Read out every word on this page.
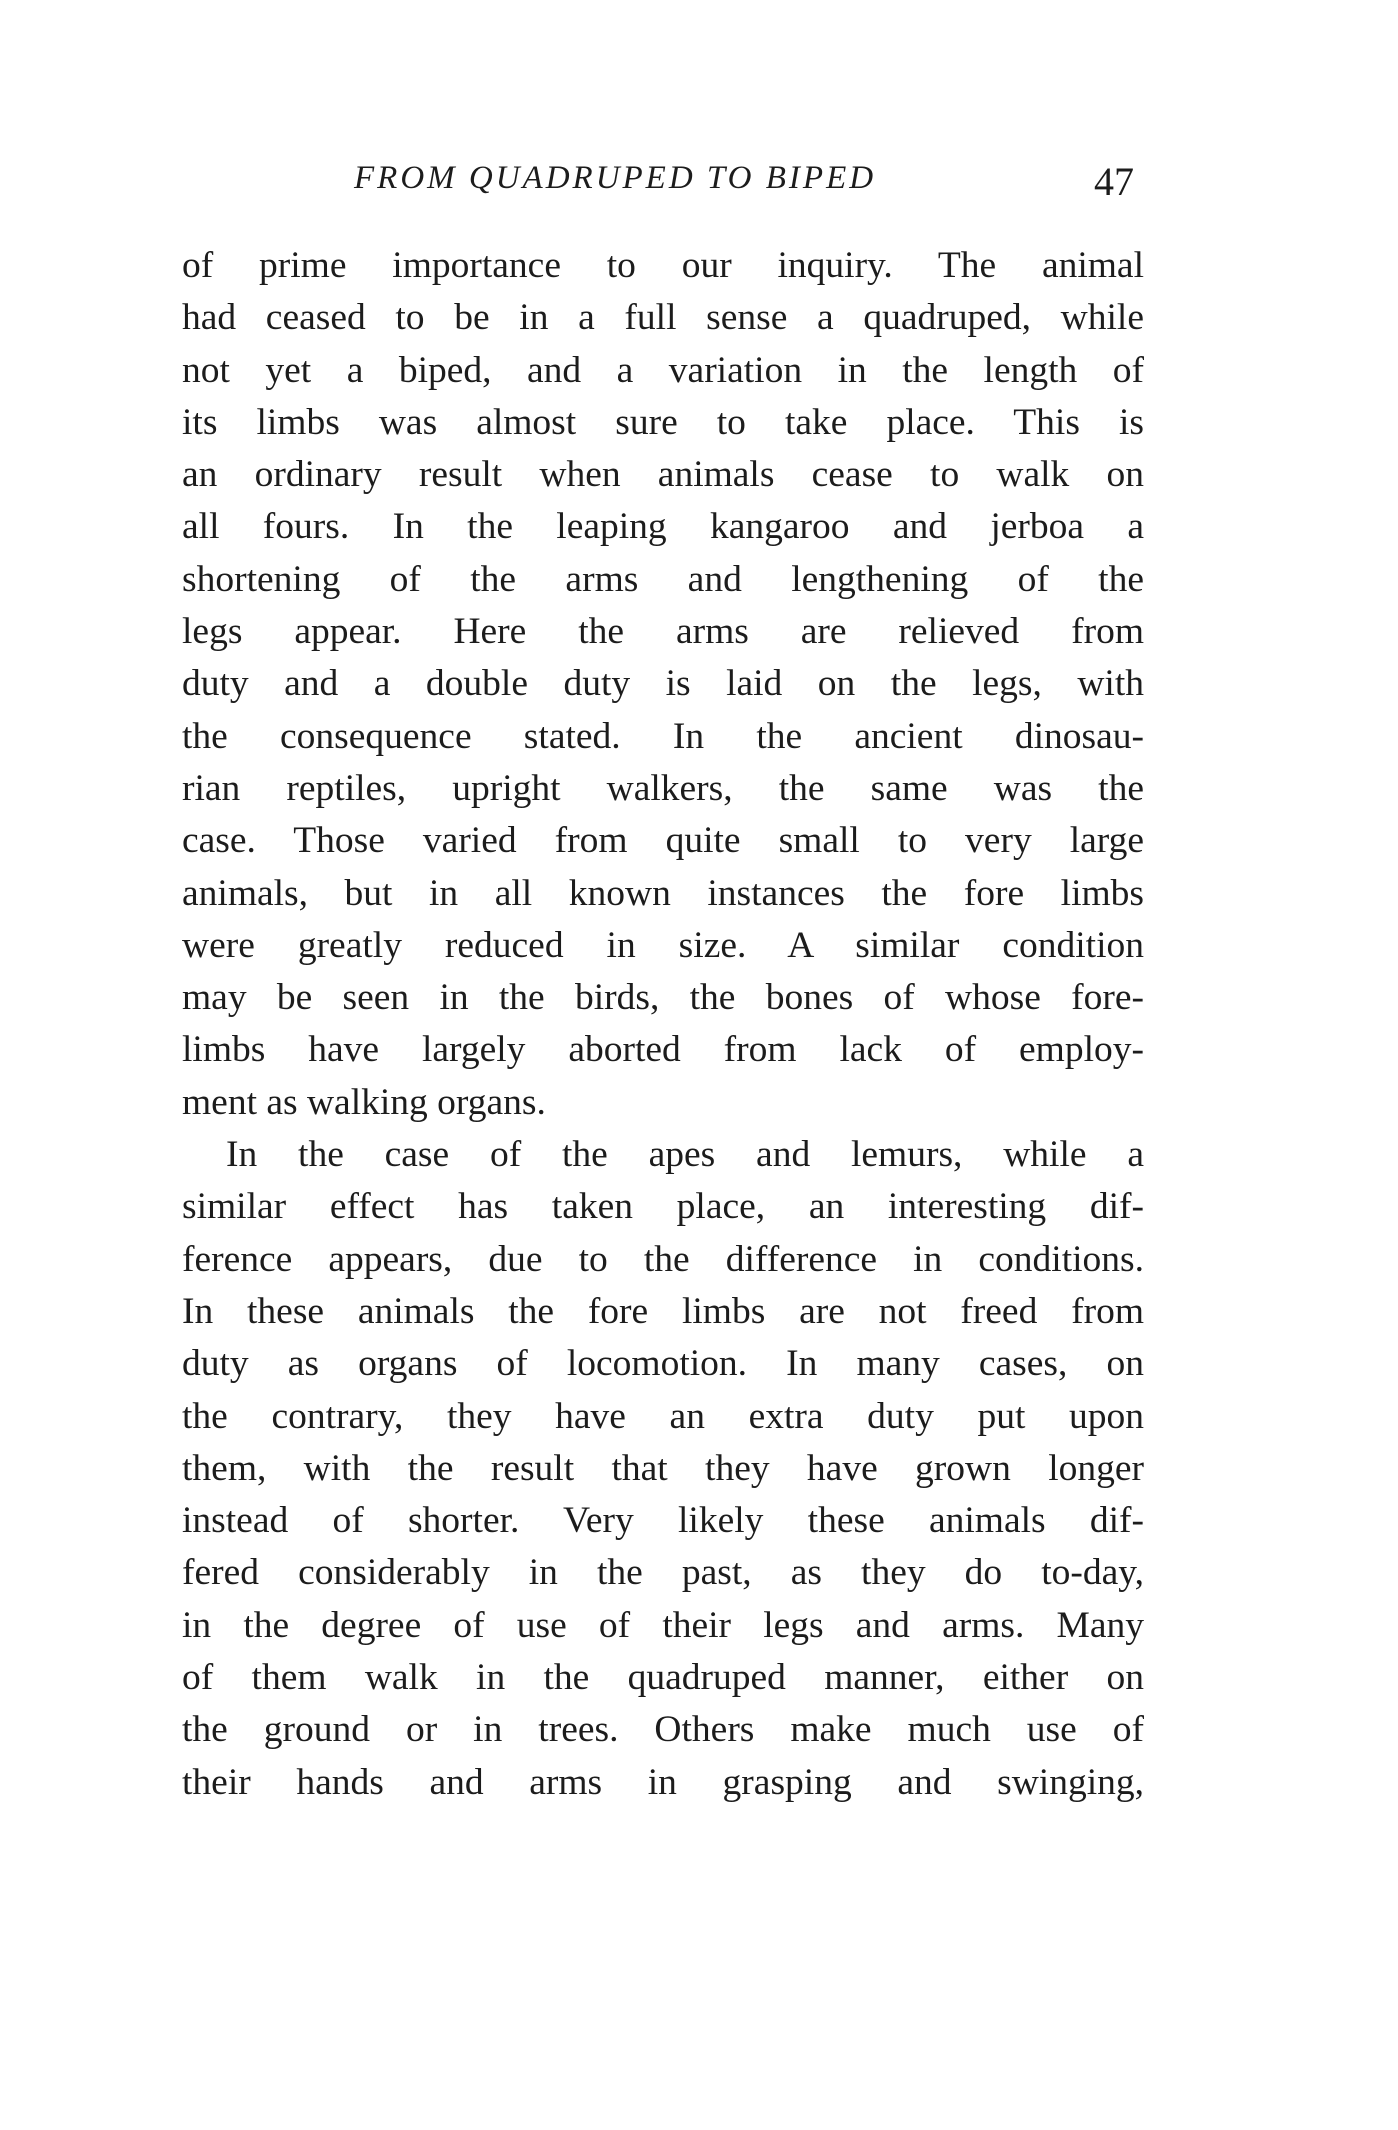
FROM QUADRUPED TO BIPED	47
of prime importance to our inquiry. The animal
had ceased to be in a full sense a quadruped, while
not yet a biped, and a variation in the length of
its limbs was almost sure to take place. This is
an ordinary result when animals cease to walk on
all fours. In the leaping kangaroo and jerboa a
shortening of the arms and lengthening of the
legs appear. Here the arms are relieved from
duty and a double duty is laid on the legs, with
the consequence stated. In the ancient dinosau-
rian reptiles, upright walkers, the same was the
case. Those varied from quite small to very large
animals, but in all known instances the fore limbs
were greatly reduced in size. A similar condition
may be seen in the birds, the bones of whose fore-
limbs have largely aborted from lack of employ-
ment as walking organs.
In the case of the apes and lemurs, while a
similar effect has taken place, an interesting dif-
ference appears, due to the difference in conditions.
In these animals the fore limbs are not freed from
duty as organs of locomotion. In many cases, on
the contrary, they have an extra duty put upon
them, with the result that they have grown longer
instead of shorter. Very likely these animals dif-
fered considerably in the past, as they do to-day,
in the degree of use of their legs and arms. Many
of them walk in the quadruped manner, either on
the ground or in trees. Others make much use of
their hands and arms in grasping and swinging,
